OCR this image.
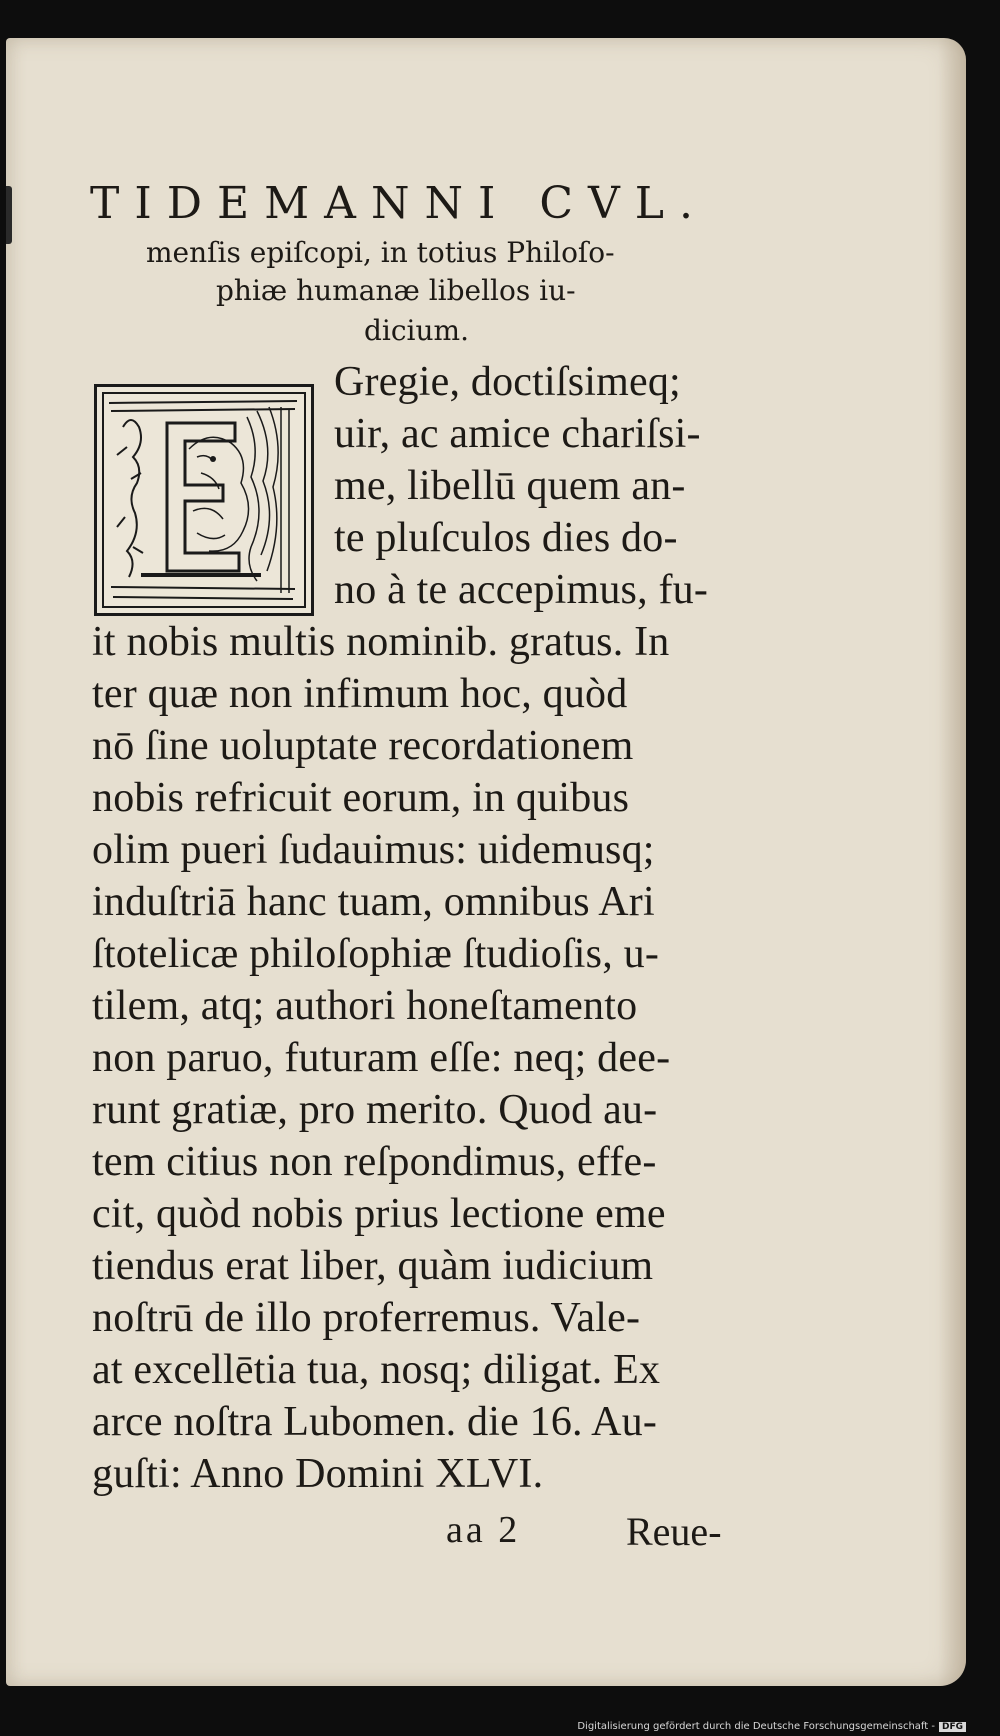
TIDEMANNI CVL.
menſis epiſcopi, in totius Philoſo-
phiæ humanæ libellos iu-
dicium.
Gregie, doctiſsimeq;
uir, ac amice chariſsi-
me, libellū quem an-
te pluſculos dies do-
no à te accepimus, fu-
it nobis multis nominib. gratus. In
ter quæ non infimum hoc, quòd
nō ſine uoluptate recordationem
nobis refricuit eorum, in quibus
olim pueri ſudauimus: uidemusq;
induſtriā hanc tuam, omnibus Ari
ſtotelicæ philoſophiæ ſtudioſis, u-
tilem, atq; authori honeſtamento
non paruo, futuram eſſe: neq; dee-
runt gratiæ, pro merito. Quod au-
tem citius non reſpondimus, effe-
cit, quòd nobis prius lectione eme
tiendus erat liber, quàm iudicium
noſtrū de illo proferremus. Vale-
at excellētia tua, nosq; diligat. Ex
arce noſtra Lubomen. die 16. Au-
guſti: Anno Domini XLVI.
aa 2	Reue-
Digitalisierung gefördert durch die Deutsche Forschungsgemeinschaft - DFG
